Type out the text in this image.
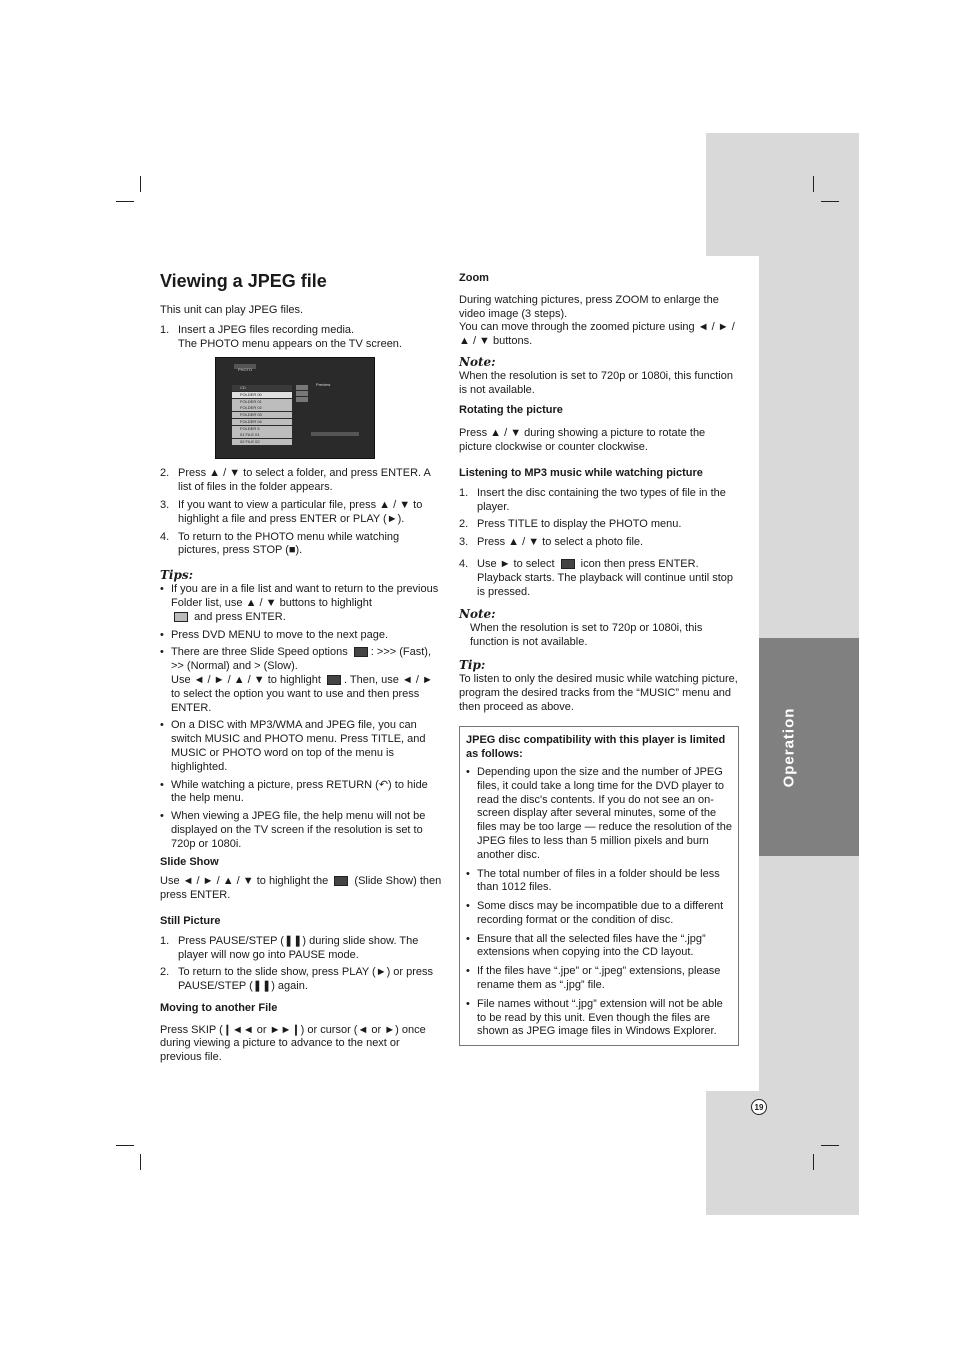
Operation
19
Viewing a JPEG file

This unit can play JPEG files.

1. Insert a JPEG files recording media.
The PHOTO menu appears on the TV screen.
PHOTO
Preview
CD
FOLDER 00
FOLDER 01
FOLDER 02
FOLDER 03
FOLDER 04
FOLDER 5
01 FILE 01
02 FILE 02
2. Press ▲ / ▼ to select a folder, and press ENTER. A list of files in the folder appears.
3. If you want to view a particular file, press ▲ / ▼ to highlight a file and press ENTER or PLAY (►).
4. To return to the PHOTO menu while watching pictures, press STOP (■).

Tips:

• If you are in a file list and want to return to the previous Folder list, use ▲ / ▼ buttons to highlight
and press ENTER.
• Press DVD MENU to move to the next page.
• There are three Slide Speed options : >>> (Fast), >> (Normal) and > (Slow).
Use ◄ / ► / ▲ / ▼ to highlight . Then, use ◄ / ► to select the option you want to use and then press ENTER.
• On a DISC with MP3/WMA and JPEG file, you can switch MUSIC and PHOTO menu. Press TITLE, and MUSIC or PHOTO word on top of the menu is highlighted.
• While watching a picture, press RETURN (↶) to hide the help menu.
• When viewing a JPEG file, the help menu will not be displayed on the TV screen if the resolution is set to 720p or 1080i.

Slide Show

Use ◄ / ► / ▲ / ▼ to highlight the (Slide Show) then press ENTER.

Still Picture

1. Press PAUSE/STEP (❚❚) during slide show. The player will now go into PAUSE mode.
2. To return to the slide show, press PLAY (►) or press PAUSE/STEP (❚❚) again.

Moving to another File

Press SKIP (❙◄◄ or ►►❙) or cursor (◄ or ►) once during viewing a picture to advance to the next or previous file.

Zoom

During watching pictures, press ZOOM to enlarge the video image (3 steps).

You can move through the zoomed picture using ◄ / ► / ▲ / ▼ buttons.

Note:

When the resolution is set to 720p or 1080i, this function is not available.

Rotating the picture

Press ▲ / ▼ during showing a picture to rotate the picture clockwise or counter clockwise.

Listening to MP3 music while watching picture

1. Insert the disc containing the two types of file in the player.
2. Press TITLE to display the PHOTO menu.
3. Press ▲ / ▼ to select a photo file.
4. Use ► to select icon then press ENTER. Playback starts. The playback will continue until stop is pressed.

Note:

When the resolution is set to 720p or 1080i, this function is not available.

Tip:

To listen to only the desired music while watching picture, program the desired tracks from the “MUSIC” menu and then proceed as above.

JPEG disc compatibility with this player is limited as follows:

• Depending upon the size and the number of JPEG files, it could take a long time for the DVD player to read the disc's contents. If you do not see an on-screen display after several minutes, some of the files may be too large — reduce the resolution of the JPEG files to less than 5 million pixels and burn another disc.
• The total number of files in a folder should be less than 1012 files.
• Some discs may be incompatible due to a different recording format or the condition of disc.
• Ensure that all the selected files have the “.jpg” extensions when copying into the CD layout.
• If the files have “.jpe” or “.jpeg” extensions, please rename them as “.jpg” file.
• File names without “.jpg” extension will not be able to be read by this unit. Even though the files are shown as JPEG image files in Windows Explorer.
